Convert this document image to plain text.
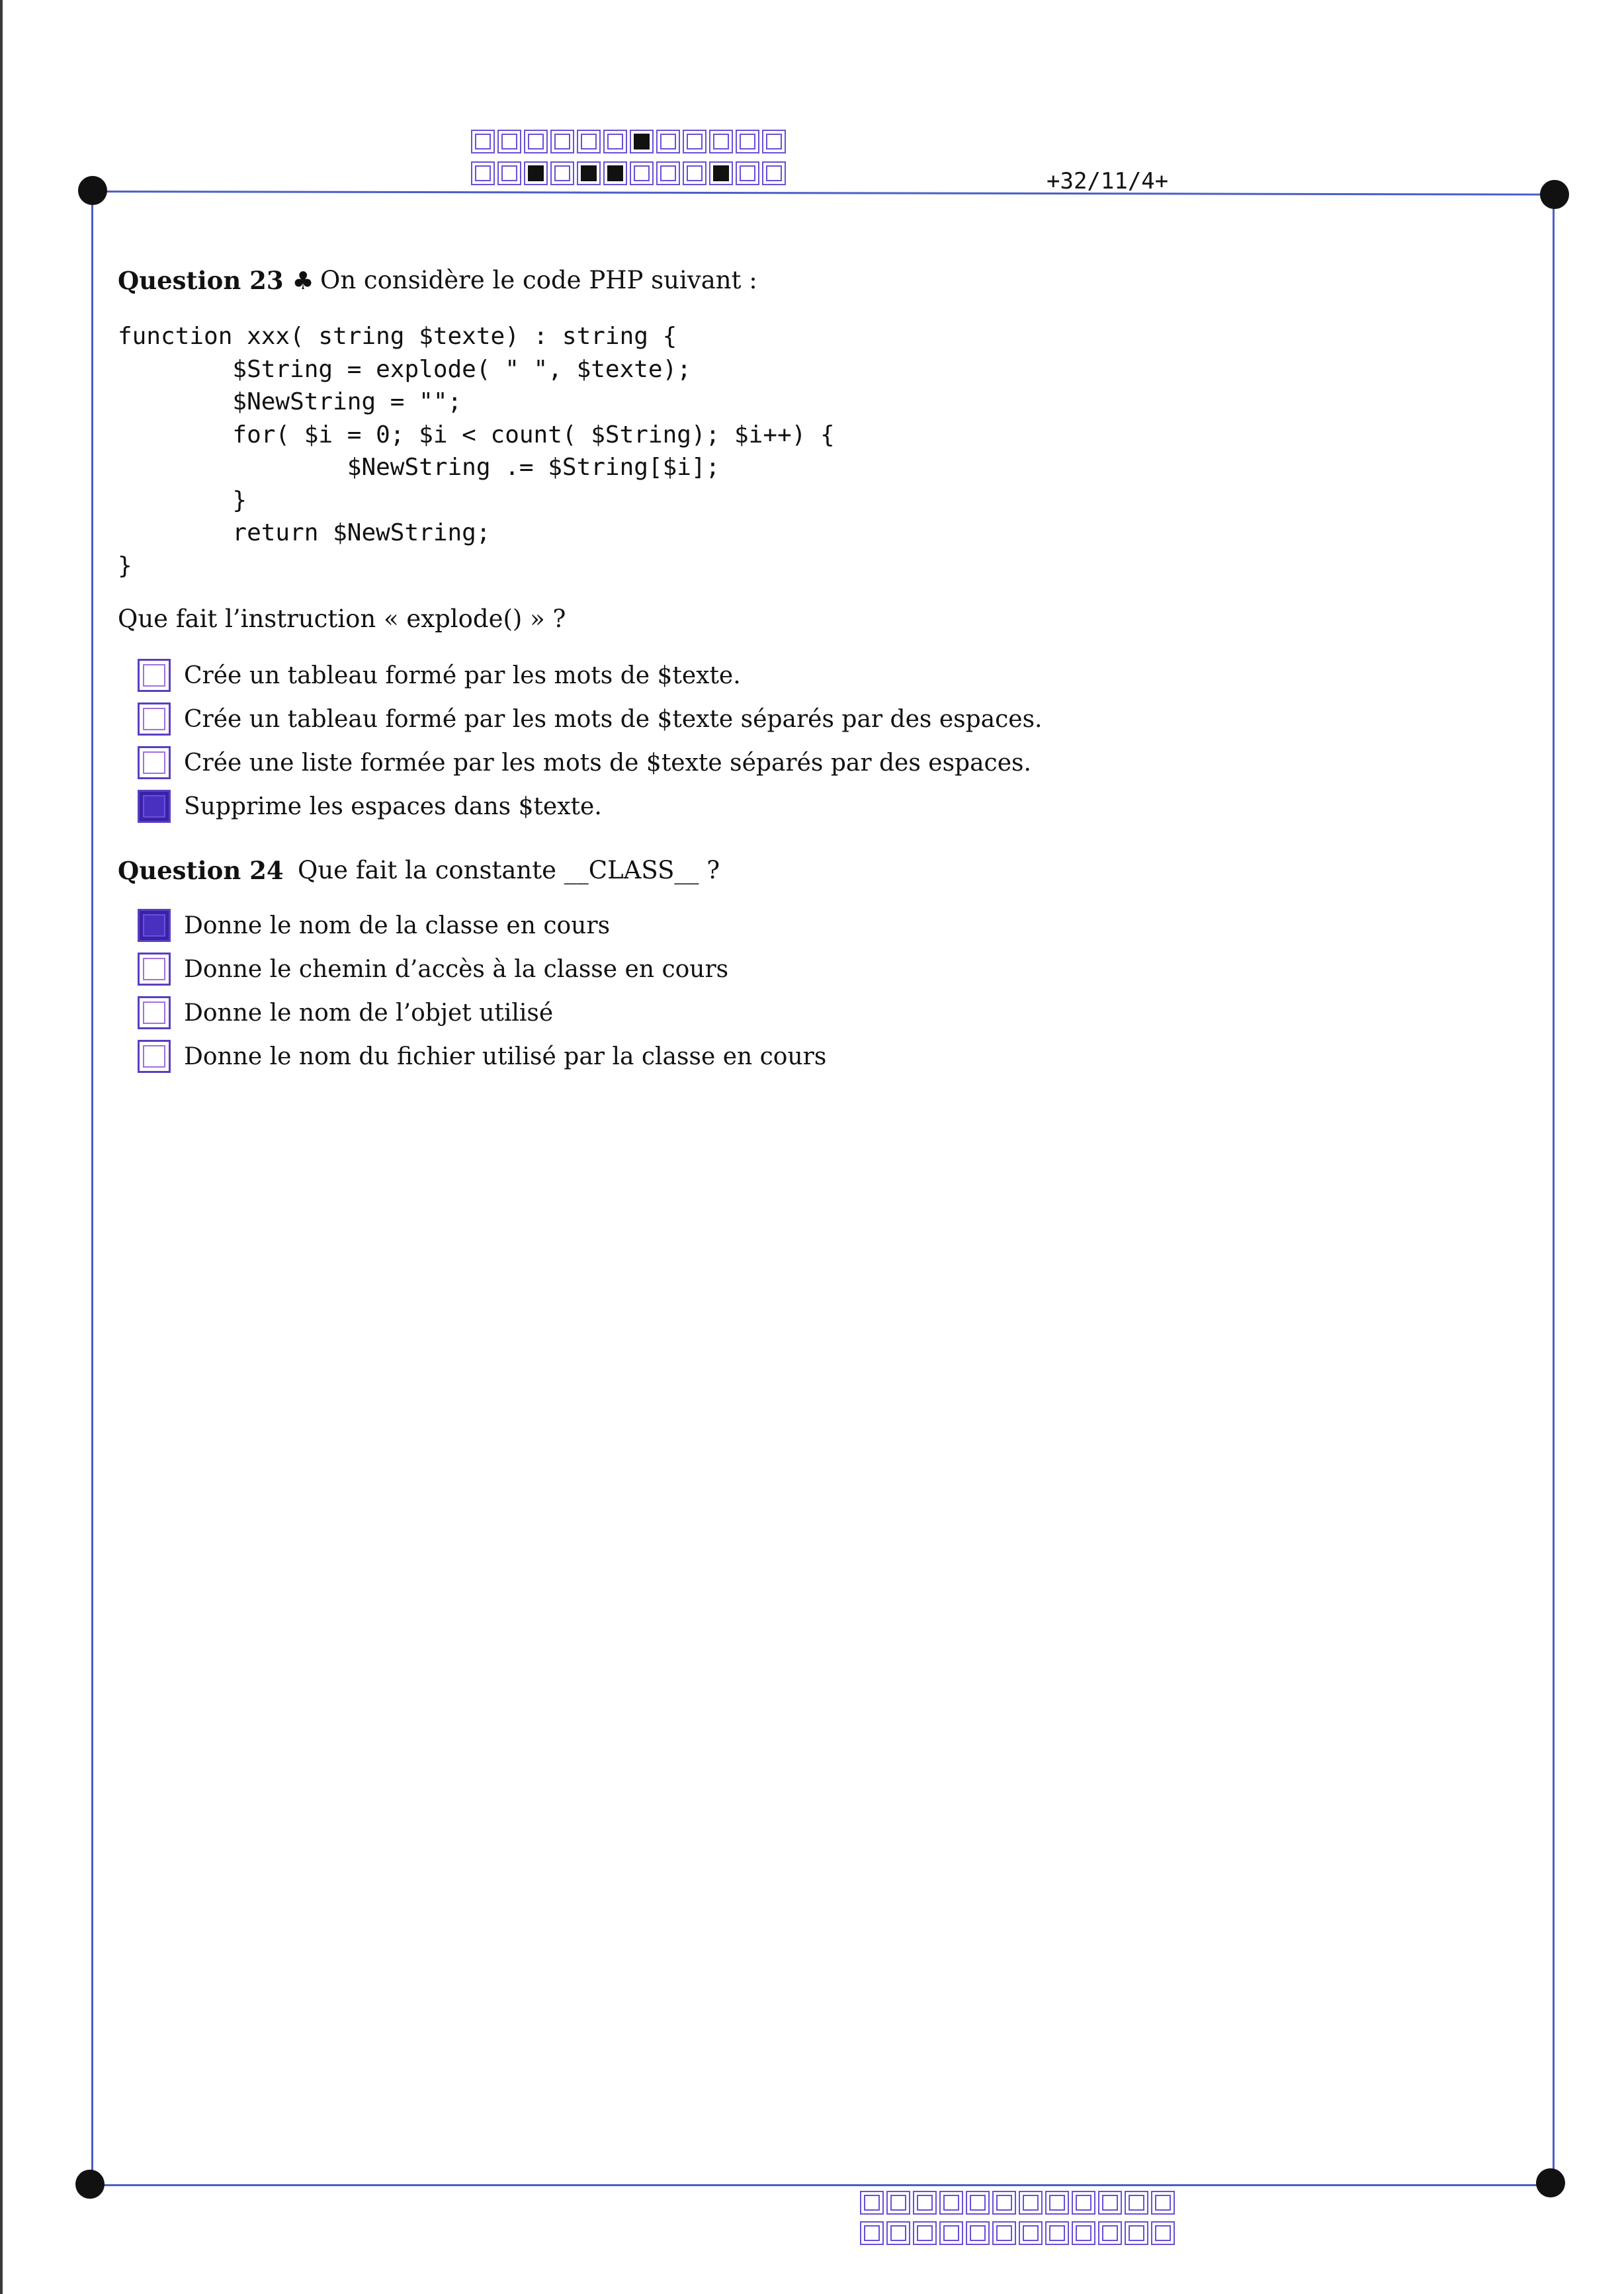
+32/11/4+
Question 23 ♣ On considère le code PHP suivant :
function xxx( string $texte) : string {
$String = explode( " ", $texte);
$NewString = "";
for( $i = 0; $i < count( $String); $i++) {
$NewString .= $String[$i];
}
return $NewString;
}
Que fait l’instruction « explode() » ?
Crée un tableau formé par les mots de $texte.
Crée un tableau formé par les mots de $texte séparés par des espaces.
Crée une liste formée par les mots de $texte séparés par des espaces.
Supprime les espaces dans $texte.
Question 24 Que fait la constante __CLASS__ ?
Donne le nom de la classe en cours
Donne le chemin d’accès à la classe en cours
Donne le nom de l’objet utilisé
Donne le nom du fichier utilisé par la classe en cours
